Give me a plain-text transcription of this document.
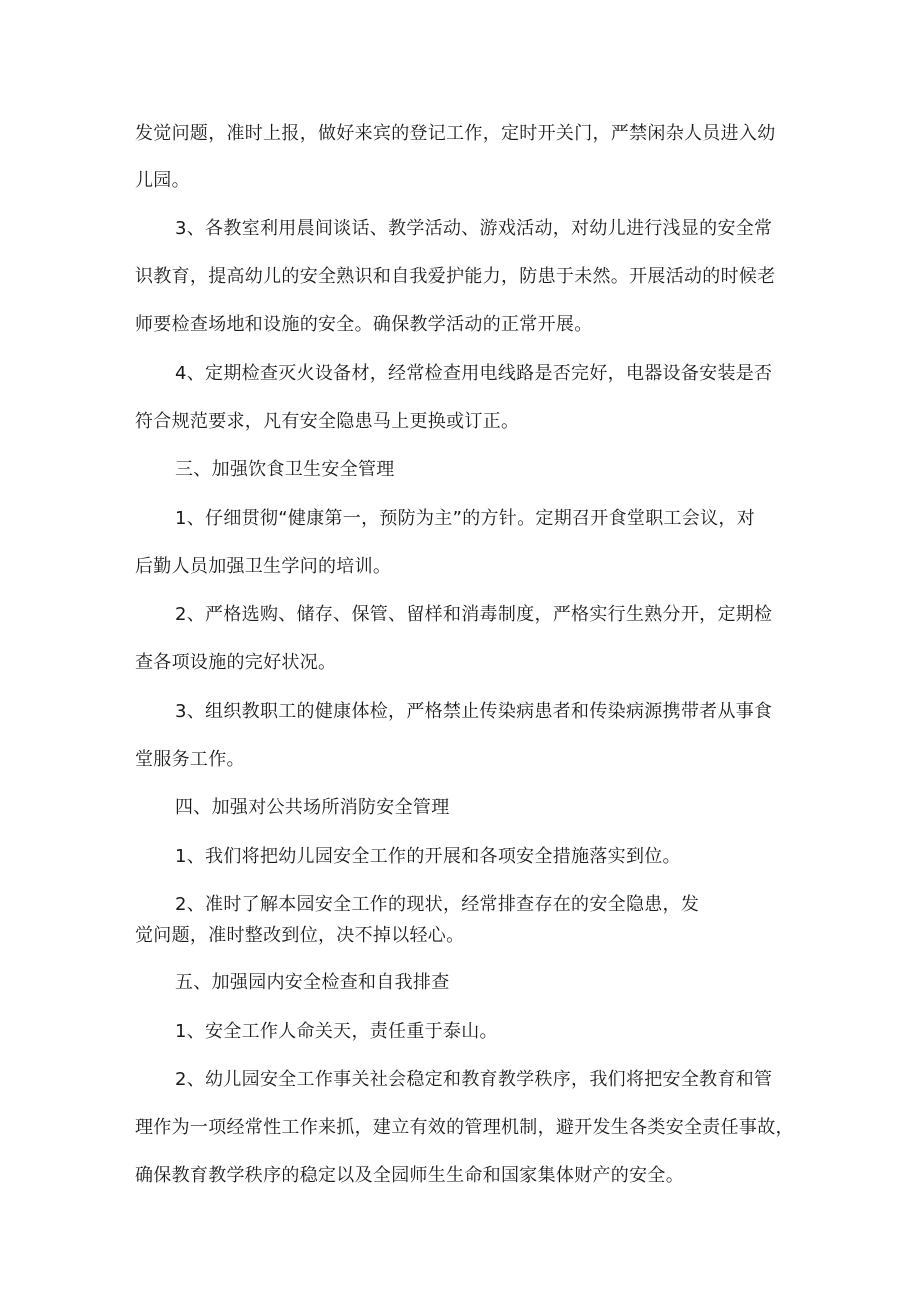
发觉问题，准时上报，做好来宾的登记工作，定时开关门，严禁闲杂人员进入幼
儿园。
3、各教室利用晨间谈话、教学活动、游戏活动，对幼儿进行浅显的安全常
识教育，提高幼儿的安全熟识和自我爱护能力，防患于未然。开展活动的时候老
师要检查场地和设施的安全。确保教学活动的正常开展。
4、定期检查灭火设备材，经常检查用电线路是否完好，电器设备安装是否
符合规范要求，凡有安全隐患马上更换或订正。
三、加强饮食卫生安全管理
1、仔细贯彻“健康第一，预防为主”的方针。定期召开食堂职工会议，对
后勤人员加强卫生学问的培训。
2、严格选购、储存、保管、留样和消毒制度，严格实行生熟分开，定期检
查各项设施的完好状况。
3、组织教职工的健康体检，严格禁止传染病患者和传染病源携带者从事食
堂服务工作。
四、加强对公共场所消防安全管理
1、我们将把幼儿园安全工作的开展和各项安全措施落实到位。
2、准时了解本园安全工作的现状，经常排查存在的安全隐患，发
觉问题，准时整改到位，决不掉以轻心。
五、加强园内安全检查和自我排查
1、安全工作人命关天，责任重于泰山。
2、幼儿园安全工作事关社会稳定和教育教学秩序，我们将把安全教育和管
理作为一项经常性工作来抓，建立有效的管理机制，避开发生各类安全责任事故，
确保教育教学秩序的稳定以及全园师生生命和国家集体财产的安全。
